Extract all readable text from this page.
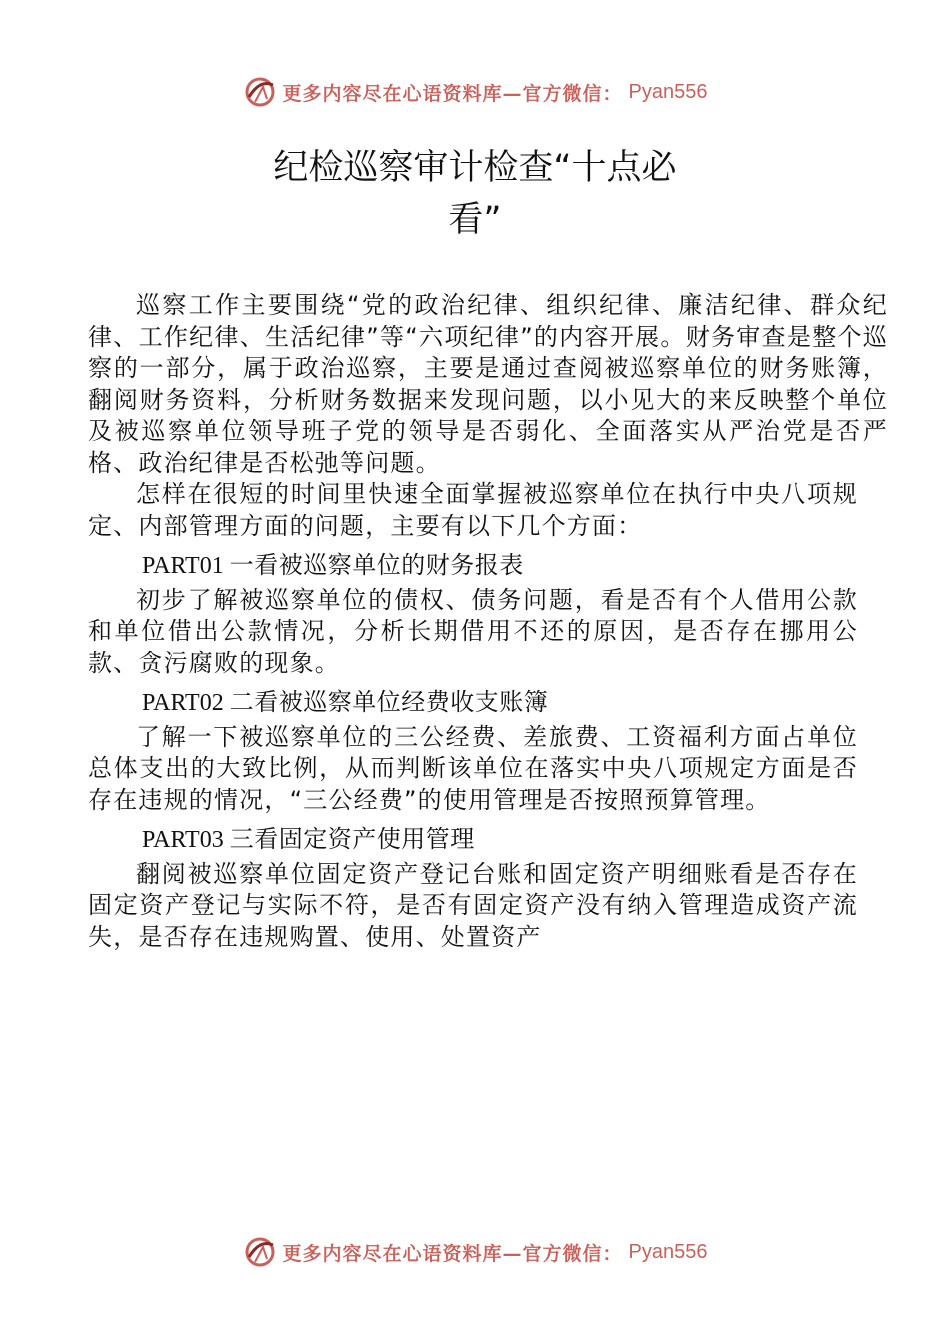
更多内容尽在心语资料库—官方微信： Pyan556
纪检巡察审计检查“十点必
看”

巡察工作主要围绕“党的政治纪律、组织纪律、廉洁纪律、群众纪律、工作纪律、生活纪律”等“六项纪律”的内容开展。财务审查是整个巡察的一部分，属于政治巡察，主要是通过查阅被巡察单位的财务账簿，翻阅财务资料，分析财务数据来发现问题，以小见大的来反映整个单位及被巡察单位领导班子党的领导是否弱化、全面落实从严治党是否严格、政治纪律是否松弛等问题。

怎样在很短的时间里快速全面掌握被巡察单位在执行中央八项规定、内部管理方面的问题，主要有以下几个方面：

PART01 一看被巡察单位的财务报表

初步了解被巡察单位的债权、债务问题，看是否有个人借用公款和单位借出公款情况，分析长期借用不还的原因，是否存在挪用公款、贪污腐败的现象。

PART02 二看被巡察单位经费收支账簿

了解一下被巡察单位的三公经费、差旅费、工资福利方面占单位总体支出的大致比例，从而判断该单位在落实中央八项规定方面是否存在违规的情况，“三公经费”的使用管理是否按照预算管理。

PART03 三看固定资产使用管理

翻阅被巡察单位固定资产登记台账和固定资产明细账看是否存在固定资产登记与实际不符，是否有固定资产没有纳入管理造成资产流失，是否存在违规购置、使用、处置资产

更多内容尽在心语资料库—官方微信： Pyan556
